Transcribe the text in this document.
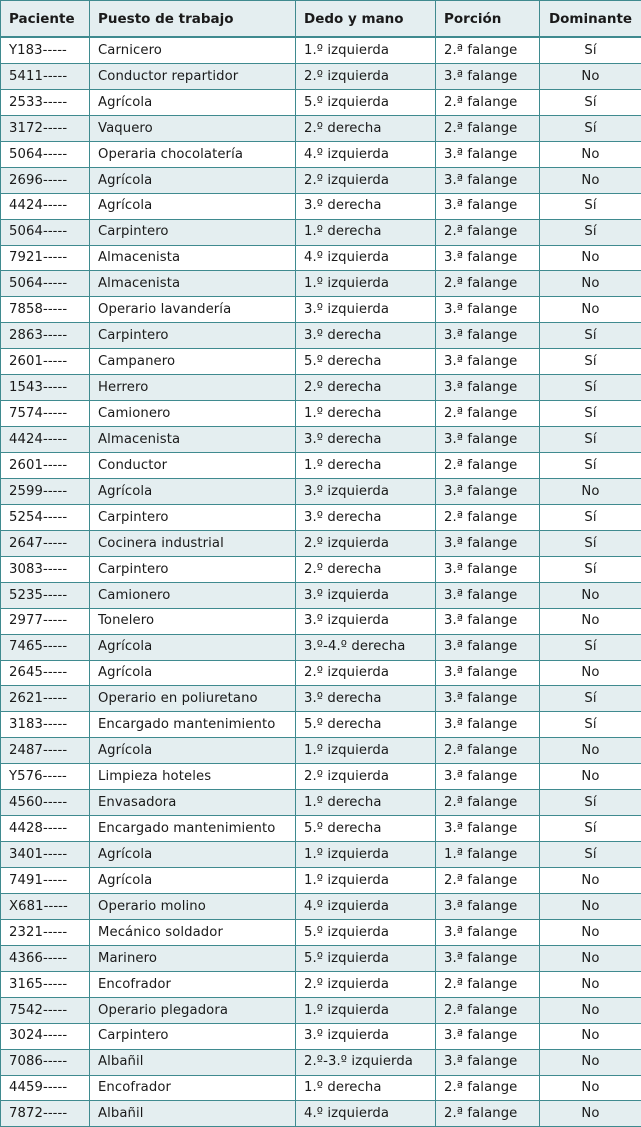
Paciente	Puesto de trabajo	Dedo y mano	Porción	Dominante
Y183-----	Carnicero	1.º izquierda	2.ª falange	Sí
5411-----	Conductor repartidor	2.º izquierda	3.ª falange	No
2533-----	Agrícola	5.º izquierda	2.ª falange	Sí
3172-----	Vaquero	2.º derecha	2.ª falange	Sí
5064-----	Operaria chocolatería	4.º izquierda	3.ª falange	No
2696-----	Agrícola	2.º izquierda	3.ª falange	No
4424-----	Agrícola	3.º derecha	3.ª falange	Sí
5064-----	Carpintero	1.º derecha	2.ª falange	Sí
7921-----	Almacenista	4.º izquierda	3.ª falange	No
5064-----	Almacenista	1.º izquierda	2.ª falange	No
7858-----	Operario lavandería	3.º izquierda	3.ª falange	No
2863-----	Carpintero	3.º derecha	3.ª falange	Sí
2601-----	Campanero	5.º derecha	3.ª falange	Sí
1543-----	Herrero	2.º derecha	3.ª falange	Sí
7574-----	Camionero	1.º derecha	2.ª falange	Sí
4424-----	Almacenista	3.º derecha	3.ª falange	Sí
2601-----	Conductor	1.º derecha	2.ª falange	Sí
2599-----	Agrícola	3.º izquierda	3.ª falange	No
5254-----	Carpintero	3.º derecha	2.ª falange	Sí
2647-----	Cocinera industrial	2.º izquierda	3.ª falange	Sí
3083-----	Carpintero	2.º derecha	3.ª falange	Sí
5235-----	Camionero	3.º izquierda	3.ª falange	No
2977-----	Tonelero	3.º izquierda	3.ª falange	No
7465-----	Agrícola	3.º-4.º derecha	3.ª falange	Sí
2645-----	Agrícola	2.º izquierda	3.ª falange	No
2621-----	Operario en poliuretano	3.º derecha	3.ª falange	Sí
3183-----	Encargado mantenimiento	5.º derecha	3.ª falange	Sí
2487-----	Agrícola	1.º izquierda	2.ª falange	No
Y576-----	Limpieza hoteles	2.º izquierda	3.ª falange	No
4560-----	Envasadora	1.º derecha	2.ª falange	Sí
4428-----	Encargado mantenimiento	5.º derecha	3.ª falange	Sí
3401-----	Agrícola	1.º izquierda	1.ª falange	Sí
7491-----	Agrícola	1.º izquierda	2.ª falange	No
X681-----	Operario molino	4.º izquierda	3.ª falange	No
2321-----	Mecánico soldador	5.º izquierda	3.ª falange	No
4366-----	Marinero	5.º izquierda	3.ª falange	No
3165-----	Encofrador	2.º izquierda	2.ª falange	No
7542-----	Operario plegadora	1.º izquierda	2.ª falange	No
3024-----	Carpintero	3.º izquierda	3.ª falange	No
7086-----	Albañil	2.º-3.º izquierda	3.ª falange	No
4459-----	Encofrador	1.º derecha	2.ª falange	No
7872-----	Albañil	4.º izquierda	2.ª falange	No
